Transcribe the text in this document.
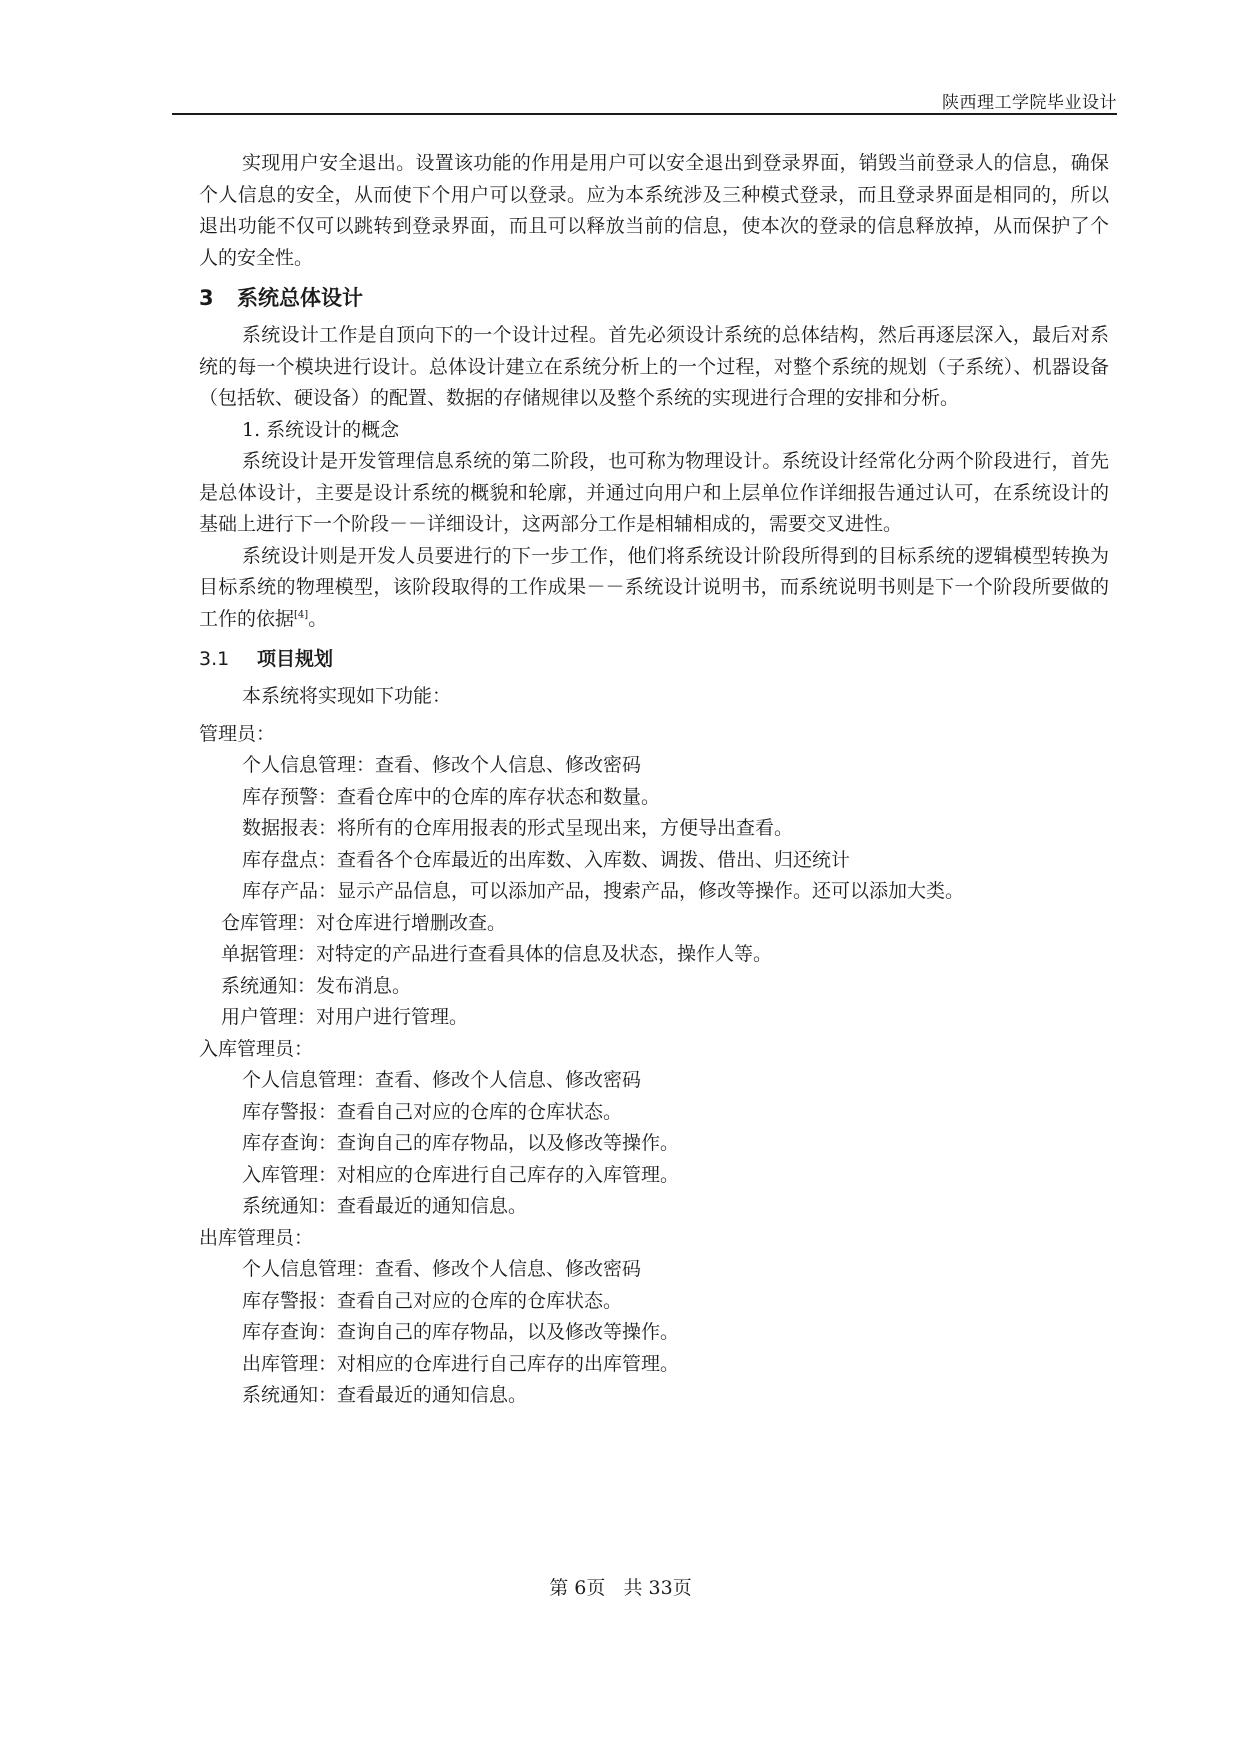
陕西理工学院毕业设计

实现用户安全退出。设置该功能的作用是用户可以安全退出到登录界面，销毁当前登录人的信息，确保个人信息的安全，从而使下个用户可以登录。应为本系统涉及三种模式登录，而且登录界面是相同的，所以退出功能不仅可以跳转到登录界面，而且可以释放当前的信息，使本次的登录的信息释放掉，从而保护了个人的安全性。

3 系统总体设计

系统设计工作是自顶向下的一个设计过程。首先必须设计系统的总体结构，然后再逐层深入，最后对系统的每一个模块进行设计。总体设计建立在系统分析上的一个过程，对整个系统的规划（子系统）、机器设备（包括软、硬设备）的配置、数据的存储规律以及整个系统的实现进行合理的安排和分析。

1. 系统设计的概念

系统设计是开发管理信息系统的第二阶段，也可称为物理设计。系统设计经常化分两个阶段进行，首先是总体设计，主要是设计系统的概貌和轮廓，并通过向用户和上层单位作详细报告通过认可，在系统设计的基础上进行下一个阶段－－详细设计，这两部分工作是相辅相成的，需要交叉进性。

系统设计则是开发人员要进行的下一步工作，他们将系统设计阶段所得到的目标系统的逻辑模型转换为目标系统的物理模型，该阶段取得的工作成果－－系统设计说明书，而系统说明书则是下一个阶段所要做的工作的依据[4]。

3.1 项目规划
本系统将实现如下功能：
管理员：
个人信息管理：查看、修改个人信息、修改密码
库存预警：查看仓库中的仓库的库存状态和数量。
数据报表：将所有的仓库用报表的形式呈现出来，方便导出查看。
库存盘点：查看各个仓库最近的出库数、入库数、调拨、借出、归还统计
库存产品：显示产品信息，可以添加产品，搜索产品，修改等操作。还可以添加大类。
仓库管理：对仓库进行增删改查。
单据管理：对特定的产品进行查看具体的信息及状态，操作人等。
系统通知：发布消息。
用户管理：对用户进行管理。
入库管理员：
个人信息管理：查看、修改个人信息、修改密码
库存警报：查看自己对应的仓库的仓库状态。
库存查询：查询自己的库存物品，以及修改等操作。
入库管理：对相应的仓库进行自己库存的入库管理。
系统通知：查看最近的通知信息。
出库管理员：
个人信息管理：查看、修改个人信息、修改密码
库存警报：查看自己对应的仓库的仓库状态。
库存查询：查询自己的库存物品，以及修改等操作。
出库管理：对相应的仓库进行自己库存的出库管理。
系统通知：查看最近的通知信息。
第 6页   共 33页
